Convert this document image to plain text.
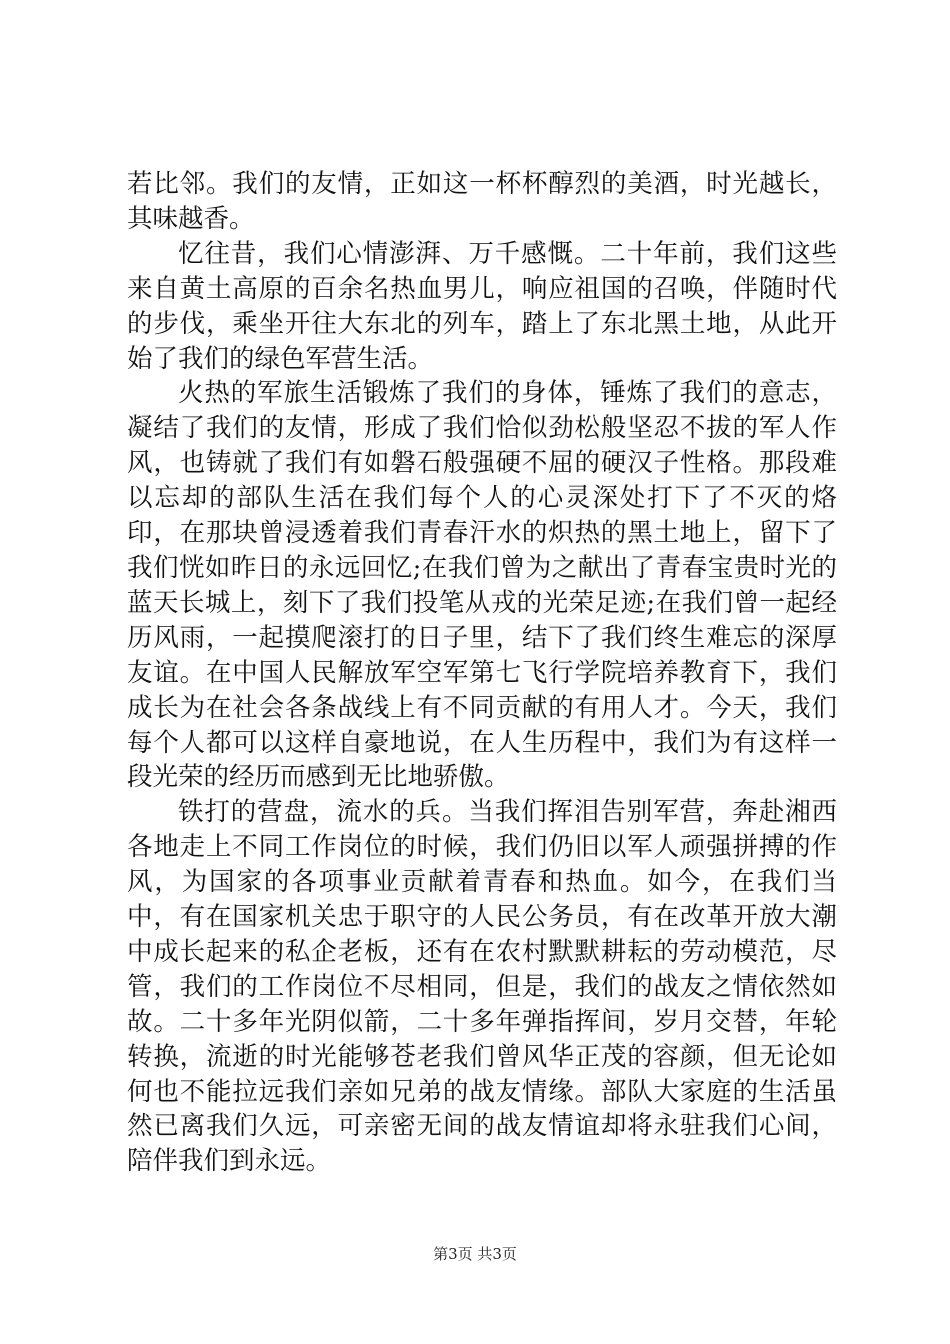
若比邻。我们的友情，正如这一杯杯醇烈的美酒，时光越长，其味越香。

忆往昔，我们心情澎湃、万千感慨。二十年前，我们这些来自黄土高原的百余名热血男儿，响应祖国的召唤，伴随时代的步伐，乘坐开往大东北的列车，踏上了东北黑土地，从此开始了我们的绿色军营生活。

火热的军旅生活锻炼了我们的身体，锤炼了我们的意志，凝结了我们的友情，形成了我们恰似劲松般坚忍不拔的军人作风，也铸就了我们有如磐石般强硬不屈的硬汉子性格。那段难以忘却的部队生活在我们每个人的心灵深处打下了不灭的烙印，在那块曾浸透着我们青春汗水的炽热的黑土地上，留下了我们恍如昨日的永远回忆;在我们曾为之献出了青春宝贵时光的蓝天长城上，刻下了我们投笔从戎的光荣足迹;在我们曾一起经历风雨，一起摸爬滚打的日子里，结下了我们终生难忘的深厚友谊。在中国人民解放军空军第七飞行学院培养教育下，我们成长为在社会各条战线上有不同贡献的有用人才。今天，我们每个人都可以这样自豪地说，在人生历程中，我们为有这样一段光荣的经历而感到无比地骄傲。

铁打的营盘，流水的兵。当我们挥泪告别军营，奔赴湘西各地走上不同工作岗位的时候，我们仍旧以军人顽强拼搏的作风，为国家的各项事业贡献着青春和热血。如今，在我们当中，有在国家机关忠于职守的人民公务员，有在改革开放大潮中成长起来的私企老板，还有在农村默默耕耘的劳动模范，尽管，我们的工作岗位不尽相同，但是，我们的战友之情依然如故。二十多年光阴似箭，二十多年弹指挥间，岁月交替，年轮转换，流逝的时光能够苍老我们曾风华正茂的容颜，但无论如何也不能拉远我们亲如兄弟的战友情缘。部队大家庭的生活虽然已离我们久远，可亲密无间的战友情谊却将永驻我们心间，陪伴我们到永远。

第3页 共3页
